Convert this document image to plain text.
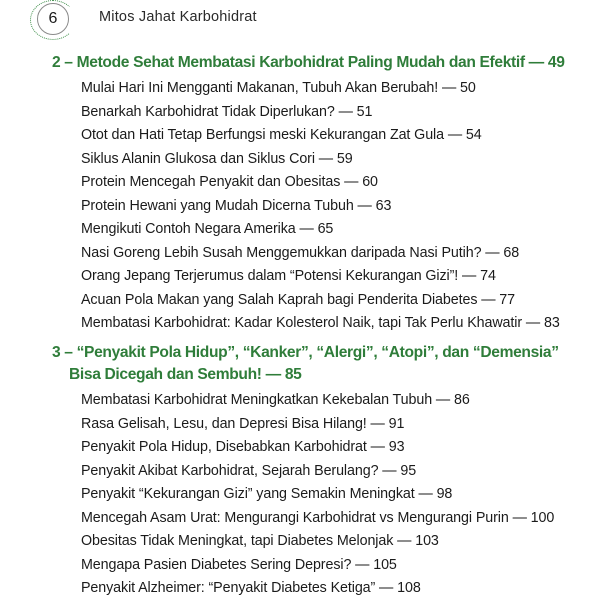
6	Mitos Jahat Karbohidrat
2 – Metode Sehat Membatasi Karbohidrat Paling Mudah dan Efektif — 49
Mulai Hari Ini Mengganti Makanan, Tubuh Akan Berubah! — 50
Benarkah Karbohidrat Tidak Diperlukan? — 51
Otot dan Hati Tetap Berfungsi meski Kekurangan Zat Gula — 54
Siklus Alanin Glukosa dan Siklus Cori — 59
Protein Mencegah Penyakit dan Obesitas — 60
Protein Hewani yang Mudah Dicerna Tubuh — 63
Mengikuti Contoh Negara Amerika — 65
Nasi Goreng Lebih Susah Menggemukkan daripada Nasi Putih? — 68
Orang Jepang Terjerumus dalam “Potensi Kekurangan Gizi”! — 74
Acuan Pola Makan yang Salah Kaprah bagi Penderita Diabetes — 77
Membatasi Karbohidrat: Kadar Kolesterol Naik, tapi Tak Perlu Khawatir — 83
3 – “Penyakit Pola Hidup”, “Kanker”, “Alergi”, “Atopi”, dan “Demensia”
Bisa Dicegah dan Sembuh! — 85
Membatasi Karbohidrat Meningkatkan Kekebalan Tubuh — 86
Rasa Gelisah, Lesu, dan Depresi Bisa Hilang! — 91
Penyakit Pola Hidup, Disebabkan Karbohidrat — 93
Penyakit Akibat Karbohidrat, Sejarah Berulang? — 95
Penyakit “Kekurangan Gizi” yang Semakin Meningkat — 98
Mencegah Asam Urat: Mengurangi Karbohidrat vs Mengurangi Purin — 100
Obesitas Tidak Meningkat, tapi Diabetes Melonjak — 103
Mengapa Pasien Diabetes Sering Depresi? — 105
Penyakit Alzheimer: “Penyakit Diabetes Ketiga” — 108
